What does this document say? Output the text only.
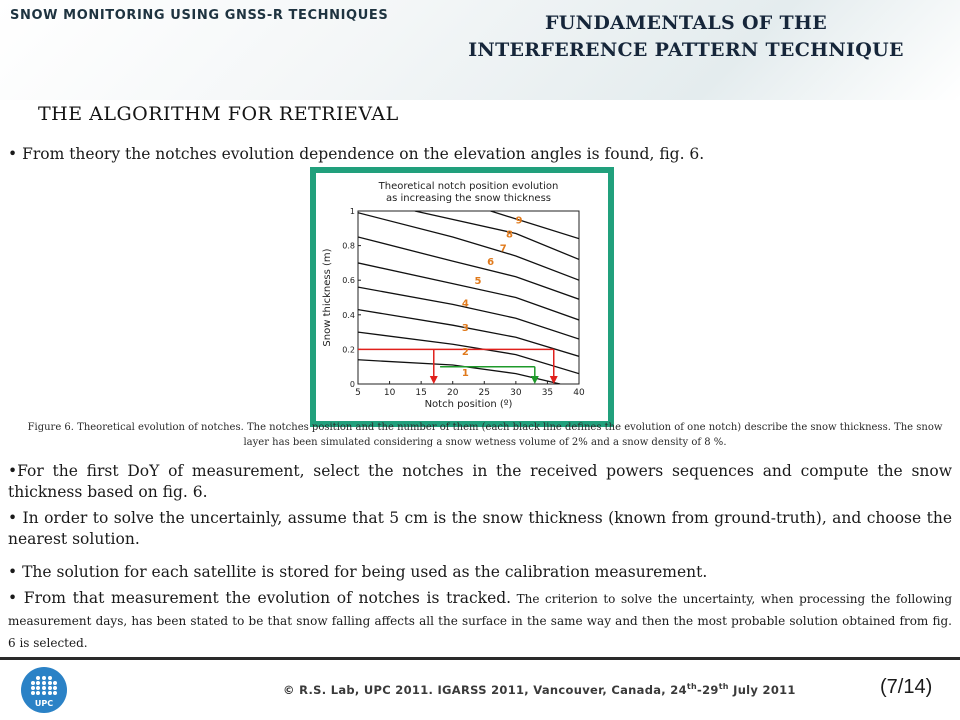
SNOW MONITORING USING GNSS-R TECHNIQUES	FUNDAMENTALS OF THE
INTERFERENCE PATTERN TECHNIQUE
THE ALGORITHM FOR RETRIEVAL
• From theory the notches evolution dependence on the elevation angles is found, fig. 6.
Theoretical notch position evolution
as increasing the snow thickness
5	10 15 20 25 30 35 40
0
0.2
0.4
0.6
0.8
1
Notch position (º)
Snow thickness (m)
1
2
3
4
5
6
7
8
9
Figure 6. Theoretical evolution of notches. The notches position and the number of them (each black line defines the evolution of one notch) describe the snow thickness. The snow layer has been simulated considering a snow wetness volume of 2% and a snow density of 8 %.
•For the first DoY of measurement, select the notches in the received powers sequences and compute the snow thickness based on fig. 6.
• In order to solve the uncertainly, assume that 5 cm is the snow thickness (known from ground-truth), and choose the nearest solution.
• The solution for each satellite is stored for being used as the calibration measurement.
• From that measurement the evolution of notches is tracked. The criterion to solve the uncertainty, when processing the following measurement days, has been stated to be that snow falling affects all the surface in the same way and then the most probable solution obtained from fig. 6 is selected.
UPC
© R.S. Lab, UPC 2011. IGARSS 2011, Vancouver, Canada, 24th-29th July 2011	(7/14)
